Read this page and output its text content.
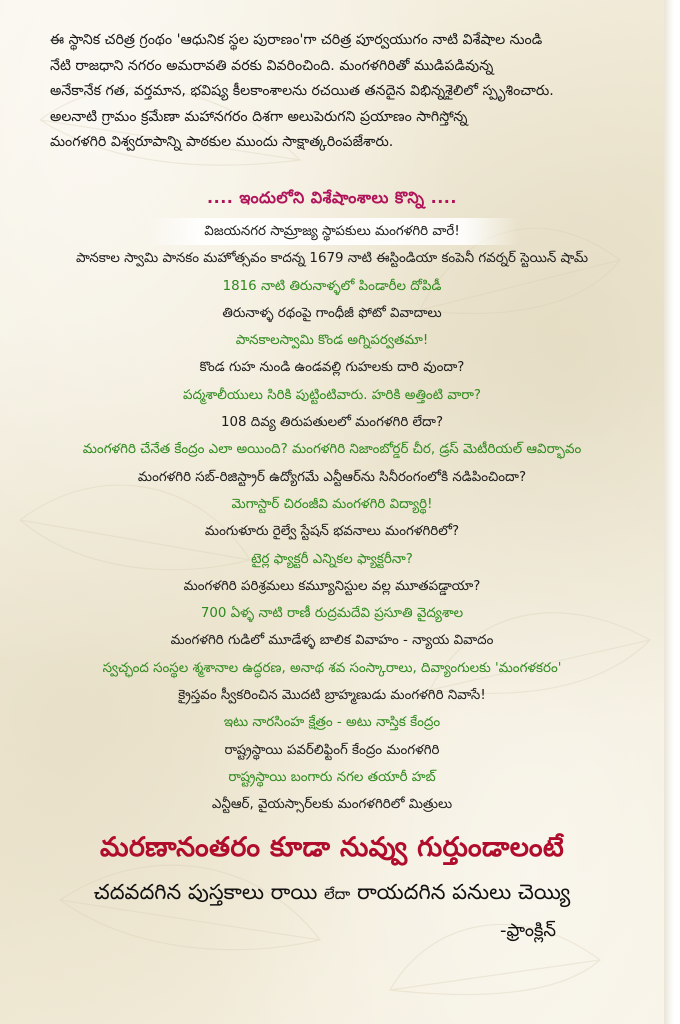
ఈ స్థానిక చరిత్ర గ్రంథం 'ఆధునిక స్థల పురాణం'గా చరిత్ర పూర్వయుగం నాటి విశేషాల నుండి

నేటి రాజధాని నగరం అమరావతి వరకు వివరించింది. మంగళగిరితో ముడిపడివున్న

అనేకానేక గత, వర్తమాన, భవిష్య కీలకాంశాలను రచయిత తనదైన విభిన్నశైలిలో స్పృశించారు.

అలనాటి గ్రామం క్రమేణా మహానగరం దిశగా అలుపెరుగని ప్రయాణం సాగిస్తోన్న

మంగళగిరి విశ్వరూపాన్ని పాఠకుల ముందు సాక్షాత్కరింపజేశారు.

.... ఇందులోని విశేషాంశాలు కొన్ని ....
విజయనగర సామ్రాజ్య స్థాపకులు మంగళగిరి వారే!
పానకాల స్వామి పానకం మహోత్సవం కాదన్న 1679 నాటి ఈస్టిండియా కంపెనీ గవర్నర్ స్టెయిన్ షామ్
1816 నాటి తిరునాళ్ళలో పిండారీల దోపిడీ
తిరునాళ్ళ రథంపై గాంధీజీ ఫోటో వివాదాలు
పానకాలస్వామి కొండ అగ్నిపర్వతమా!
కొండ గుహ నుండి ఉండవల్లి గుహలకు దారి వుందా?
పద్మశాలీయులు సిరికి పుట్టింటివారు. హరికి అత్తింటి వారా?
108 దివ్య తిరుపతులలో మంగళగిరి లేదా?
మంగళగిరి చేనేత కేంద్రం ఎలా అయింది? మంగళగిరి నిజాంబోర్డర్ చీర, డ్రస్ మెటీరియల్ ఆవిర్భావం
మంగళగిరి సబ్-రిజిస్ట్రార్ ఉద్యోగమే ఎన్టీఆర్‌ను సినీరంగంలోకి నడిపించిందా?
మెగాస్టార్ చిరంజీవి మంగళగిరి విద్యార్థి!
మంగుళూరు రైల్వే స్టేషన్ భవనాలు మంగళగిరిలో?
టైర్ల ఫ్యాక్టరీ ఎన్నికల ఫ్యాక్టరీనా?
మంగళగిరి పరిశ్రమలు కమ్యూనిస్టుల వల్ల మూతపడ్డాయా?
700 ఏళ్ళ నాటి రాణీ రుద్రమదేవి ప్రసూతి వైద్యశాల
మంగళగిరి గుడిలో మూడేళ్ళ బాలిక వివాహం - న్యాయ వివాదం
స్వచ్ఛంద సంస్థల శ్మశానాల ఉద్ధరణ, అనాథ శవ సంస్కారాలు, దివ్యాంగులకు 'మంగళకరం'
క్రైస్తవం స్వీకరించిన మొదటి బ్రాహ్మణుడు మంగళగిరి నివాసే!
ఇటు నారసింహ క్షేత్రం - అటు నాస్తిక కేంద్రం
రాష్ట్రస్థాయి పవర్‌లిఫ్టింగ్ కేంద్రం మంగళగిరి
రాష్ట్రస్థాయి బంగారు నగల తయారీ హబ్
ఎన్టీఆర్, వైయస్సార్‌లకు మంగళగిరిలో మిత్రులు
మరణానంతరం కూడా నువ్వు గుర్తుండాలంటే
చదవదగిన పుస్తకాలు రాయి లేదా రాయదగిన పనులు చెయ్యి
-ఫ్రాంక్లిన్
